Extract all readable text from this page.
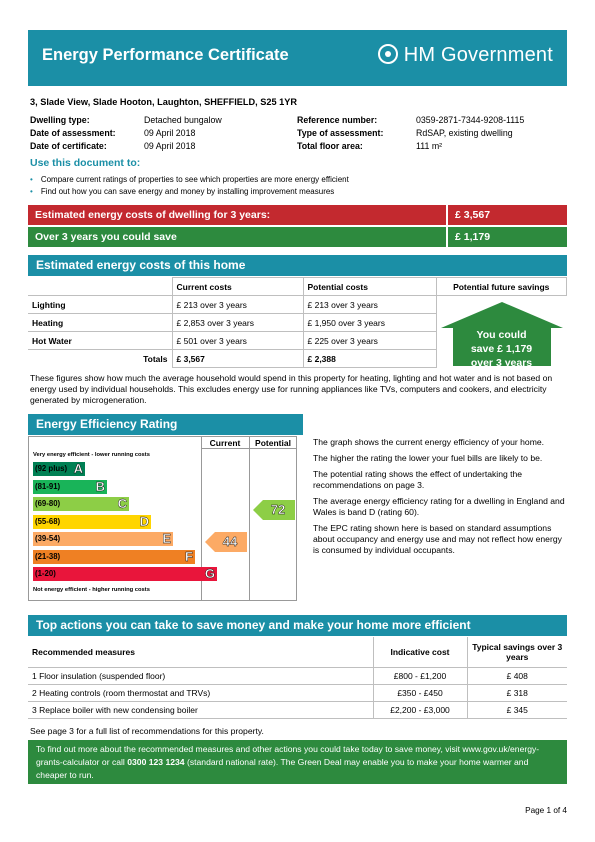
Energy Performance Certificate	HM Government
3, Slade View, Slade Hooton, Laughton, SHEFFIELD, S25 1YR
Dwelling type:	Detached bungalow
Date of assessment:	09 April 2018
Date of certificate:	09 April 2018
Reference number:	0359-2871-7344-9208-1115
Type of assessment:	RdSAP, existing dwelling
Total floor area:	111 m²
Use this document to:
• Compare current ratings of properties to see which properties are more energy efficient
• Find out how you can save energy and money by installing improvement measures
Estimated energy costs of dwelling for 3 years:	£ 3,567
Over 3 years you could save	£ 1,179
Estimated energy costs of this home
	Current costs	Potential costs	Potential future savings
Lighting	£ 213 over 3 years	£ 213 over 3 years	You could
save £ 1,179
over 3 years

Heating	£ 2,853 over 3 years	£ 1,950 over 3 years	
Hot Water	£ 501 over 3 years	£ 225 over 3 years	
Totals	£ 3,567	£ 2,388	
These figures show how much the average household would spend in this property for heating, lighting and hot water and is not based on energy used by individual households. This excludes energy use for running appliances like TVs, computers and cookers, and electricity generated by microgeneration.
Energy Efficiency Rating
Current	Potential
Very energy efficient - lower running costs
Not energy efficient - higher running costs
(92 plus) A
(81-91)	B
(69-80)	C
(55-68)	D
(39-54)	E
(21-38)	F
(1-20)	G
44
72

The graph shows the current energy efficiency of your home.

The higher the rating the lower your fuel bills are likely to be.

The potential rating shows the effect of undertaking the recommendations on page 3.

The average energy efficiency rating for a dwelling in England and Wales is band D (rating 60).

The EPC rating shown here is based on standard assumptions about occupancy and energy use and may not reflect how energy is consumed by individual occupants.

Top actions you can take to save money and make your home more efficient
Recommended measures	Indicative cost	Typical savings over 3 years
1 Floor insulation (suspended floor)	£800 - £1,200	£ 408
2 Heating controls (room thermostat and TRVs)	£350 - £450	£ 318
3 Replace boiler with new condensing boiler	£2,200 - £3,000	£ 345
See page 3 for a full list of recommendations for this property.
To find out more about the recommended measures and other actions you could take today to save money, visit www.gov.uk/energy-grants-calculator or call 0300 123 1234 (standard national rate). The Green Deal may enable you to make your home warmer and cheaper to run.
Page 1 of 4
